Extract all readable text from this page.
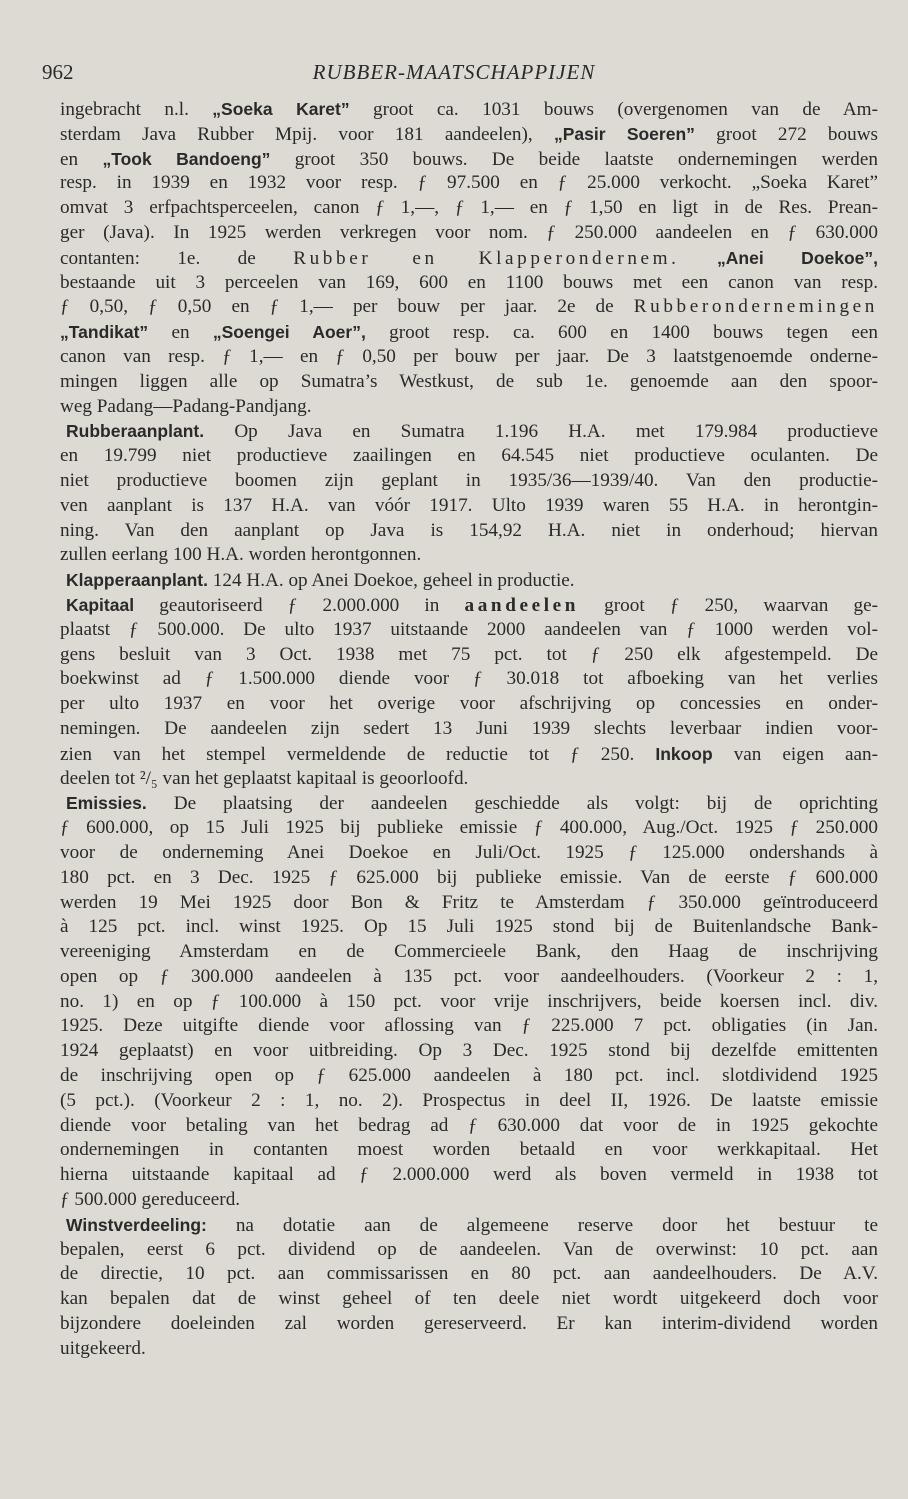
962	RUBBER-MAATSCHAPPIJEN
ingebracht n.l. „Soeka Karet” groot ca. 1031 bouws (overgenomen van de Am-
sterdam Java Rubber Mpij. voor 181 aandeelen), „Pasir Soeren” groot 272 bouws
en „Took Bandoeng” groot 350 bouws. De beide laatste ondernemingen werden
resp. in 1939 en 1932 voor resp. ƒ 97.500 en ƒ 25.000 verkocht. „Soeka Karet”
omvat 3 erfpachtsperceelen, canon ƒ 1,—, ƒ 1,— en ƒ 1,50 en ligt in de Res. Prean-
ger (Java). In 1925 werden verkregen voor nom. ƒ 250.000 aandeelen en ƒ 630.000
contanten: 1e. de Rubber en Klapperondernem. „Anei Doekoe”,
bestaande uit 3 perceelen van 169, 600 en 1100 bouws met een canon van resp.
ƒ 0,50, ƒ 0,50 en ƒ 1,— per bouw per jaar. 2e de Rubberondernemingen
„Tandikat” en „Soengei Aoer”, groot resp. ca. 600 en 1400 bouws tegen een
canon van resp. ƒ 1,— en ƒ 0,50 per bouw per jaar. De 3 laatstgenoemde onderne-
mingen liggen alle op Sumatra’s Westkust, de sub 1e. genoemde aan den spoor-
weg Padang—Padang-Pandjang.
Rubberaanplant. Op Java en Sumatra 1.196 H.A. met 179.984 productieve
en 19.799 niet productieve zaailingen en 64.545 niet productieve oculanten. De
niet productieve boomen zijn geplant in 1935/36—1939/40. Van den productie-
ven aanplant is 137 H.A. van vóór 1917. Ulto 1939 waren 55 H.A. in herontgin-
ning. Van den aanplant op Java is 154,92 H.A. niet in onderhoud; hiervan
zullen eerlang 100 H.A. worden herontgonnen.
Klapperaanplant. 124 H.A. op Anei Doekoe, geheel in productie.
Kapitaal geautoriseerd ƒ 2.000.000 in aandeelen groot ƒ 250, waarvan ge-
plaatst ƒ 500.000. De ulto 1937 uitstaande 2000 aandeelen van ƒ 1000 werden vol-
gens besluit van 3 Oct. 1938 met 75 pct. tot ƒ 250 elk afgestempeld. De
boekwinst ad ƒ 1.500.000 diende voor ƒ 30.018 tot afboeking van het verlies
per ulto 1937 en voor het overige voor afschrijving op concessies en onder-
nemingen. De aandeelen zijn sedert 13 Juni 1939 slechts leverbaar indien voor-
zien van het stempel vermeldende de reductie tot ƒ 250. Inkoop van eigen aan-
deelen tot ²/₅ van het geplaatst kapitaal is geoorloofd.
Emissies. De plaatsing der aandeelen geschiedde als volgt: bij de oprichting
ƒ 600.000, op 15 Juli 1925 bij publieke emissie ƒ 400.000, Aug./Oct. 1925 ƒ 250.000
voor de onderneming Anei Doekoe en Juli/Oct. 1925 ƒ 125.000 ondershands à
180 pct. en 3 Dec. 1925 ƒ 625.000 bij publieke emissie. Van de eerste ƒ 600.000
werden 19 Mei 1925 door Bon & Fritz te Amsterdam ƒ 350.000 geïntroduceerd
à 125 pct. incl. winst 1925. Op 15 Juli 1925 stond bij de Buitenlandsche Bank-
vereeniging Amsterdam en de Commercieele Bank, den Haag de inschrijving
open op ƒ 300.000 aandeelen à 135 pct. voor aandeelhouders. (Voorkeur 2 : 1,
no. 1) en op ƒ 100.000 à 150 pct. voor vrije inschrijvers, beide koersen incl. div.
1925. Deze uitgifte diende voor aflossing van ƒ 225.000 7 pct. obligaties (in Jan.
1924 geplaatst) en voor uitbreiding. Op 3 Dec. 1925 stond bij dezelfde emittenten
de inschrijving open op ƒ 625.000 aandeelen à 180 pct. incl. slotdividend 1925
(5 pct.). (Voorkeur 2 : 1, no. 2). Prospectus in deel II, 1926. De laatste emissie
diende voor betaling van het bedrag ad ƒ 630.000 dat voor de in 1925 gekochte
ondernemingen in contanten moest worden betaald en voor werkkapitaal. Het
hierna uitstaande kapitaal ad ƒ 2.000.000 werd als boven vermeld in 1938 tot
ƒ 500.000 gereduceerd.
Winstverdeeling: na dotatie aan de algemeene reserve door het bestuur te
bepalen, eerst 6 pct. dividend op de aandeelen. Van de overwinst: 10 pct. aan
de directie, 10 pct. aan commissarissen en 80 pct. aan aandeelhouders. De A.V.
kan bepalen dat de winst geheel of ten deele niet wordt uitgekeerd doch voor
bijzondere doeleinden zal worden gereserveerd. Er kan interim-dividend worden
uitgekeerd.
